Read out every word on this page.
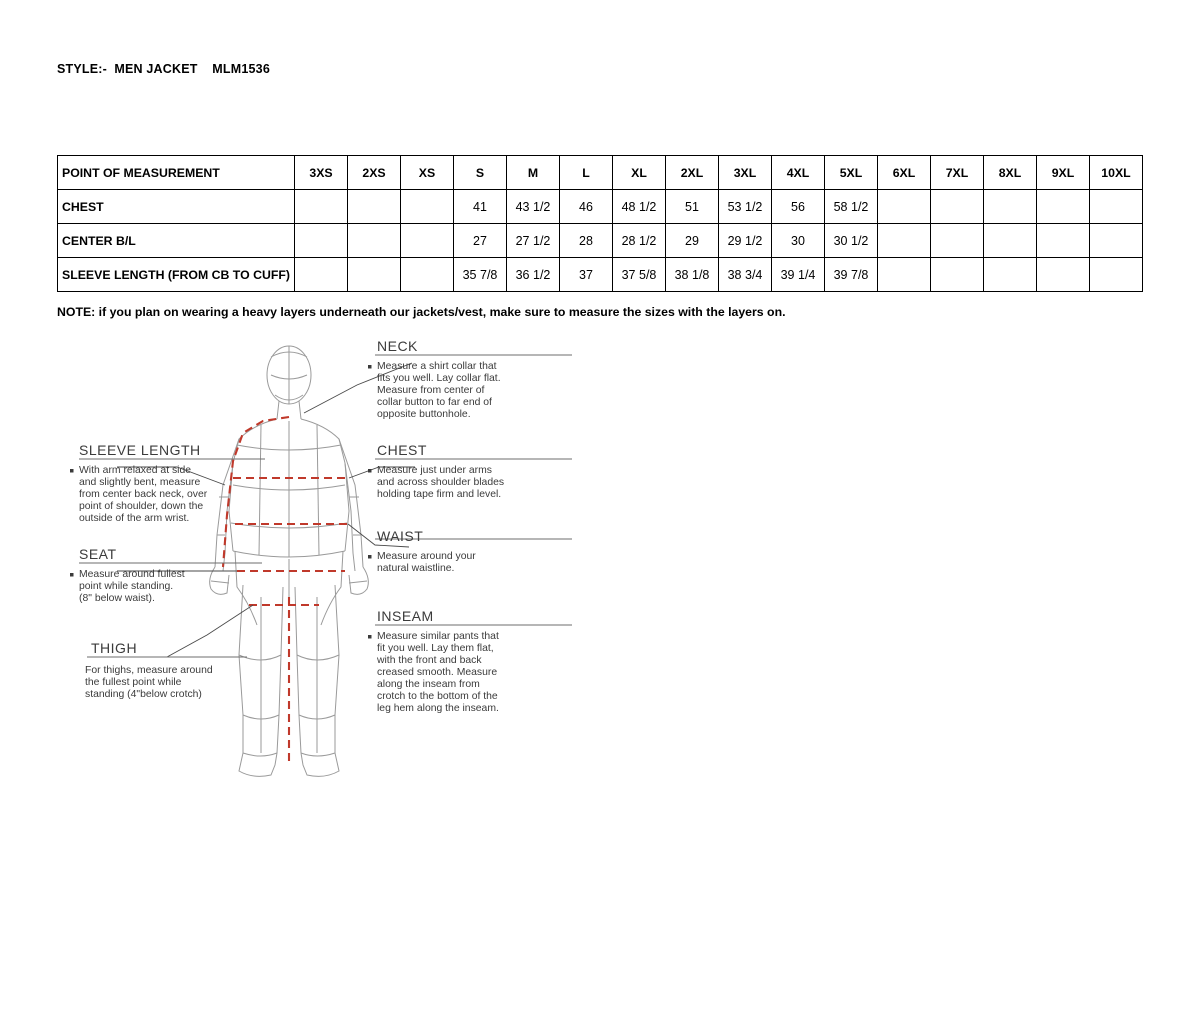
STYLE:-  MEN JACKET    MLM1536
POINT OF MEASUREMENT	3XS	2XS	XS	S	M	L	XL	2XL	3XL	4XL	5XL	6XL	7XL	8XL	9XL	10XL
CHEST				41	43 1/2	46	48 1/2	51	53 1/2	56	58 1/2					
CENTER B/L				27	27 1/2	28	28 1/2	29	29 1/2	30	30 1/2					
SLEEVE LENGTH (FROM CB TO CUFF)				35 7/8	36 1/2	37	37 5/8	38 1/8	38 3/4	39 1/4	39 7/8					
NOTE: if you plan on wearing a heavy layers underneath our jackets/vest, make sure to measure the sizes with the layers on.
NECK
Measure a shirt collar that
fits you well. Lay collar flat.
Measure from center of
collar button to far end of
opposite buttonhole.
CHEST
Measure just under arms
and across shoulder blades
holding tape firm and level.
WAIST
Measure around your
natural waistline.
INSEAM
Measure similar pants that
fit you well. Lay them flat,
with the front and back
creased smooth. Measure
along the inseam from
crotch to the bottom of the
leg hem along the inseam.
SLEEVE LENGTH
With arm relaxed at side
and slightly bent, measure
from center back neck, over
point of shoulder, down the
outside of the arm wrist.
SEAT
Measure around fullest
point while standing.
(8" below waist).
THIGH
For thighs, measure around
the fullest point while
standing (4"below crotch)
